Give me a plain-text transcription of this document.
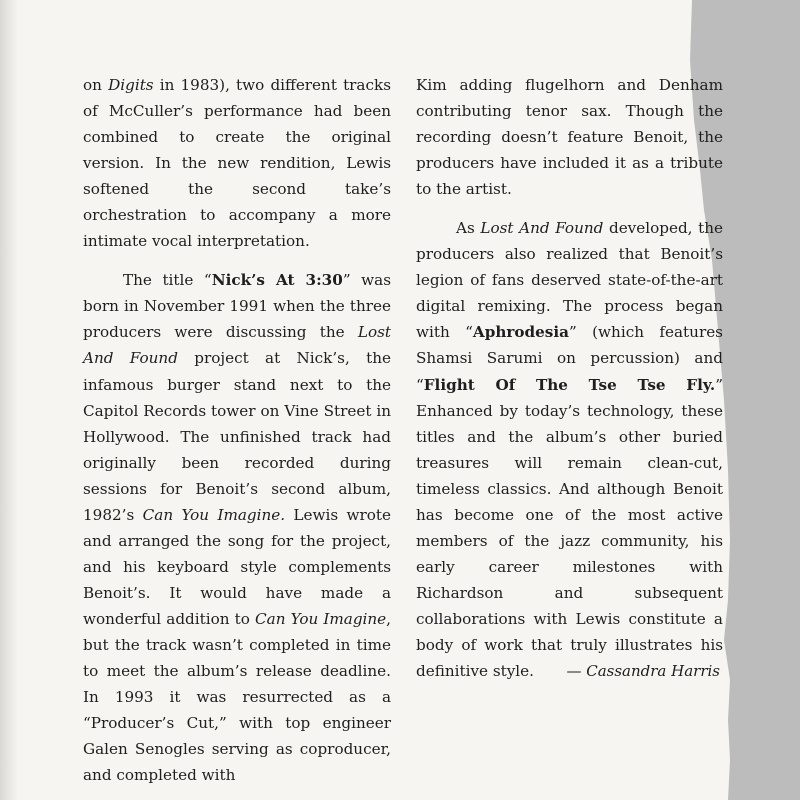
on Digits in 1983), two different tracks of McCuller’s performance had been combined to create the original version. In the new rendition, Lewis softened the second take’s orchestration to accompany a more intimate vocal interpretation.

The title “Nick’s At 3:30” was born in November 1991 when the three producers were discussing the Lost And Found project at Nick’s, the infamous burger stand next to the Capitol Records tower on Vine Street in Hollywood. The unfinished track had originally been recorded during sessions for Benoit’s second album, 1982’s Can You Imagine. Lewis wrote and arranged the song for the project, and his keyboard style complements Benoit’s. It would have made a wonderful addition to Can You Imagine, but the track wasn’t completed in time to meet the album’s release deadline. In 1993 it was resurrected as a “Producer’s Cut,” with top engineer Galen Senogles serving as coproducer, and completed with

Kim adding flugelhorn and Denham contributing tenor sax. Though the recording doesn’t feature Benoit, the producers have included it as a tribute to the artist.

As Lost And Found developed, the producers also realized that Benoit’s legion of fans deserved state-of-the-art digital remixing. The process began with “Aphrodesia” (which features Shamsi Sarumi on percussion) and “Flight Of The Tse Tse Fly.” Enhanced by today’s technology, these titles and the album’s other buried treasures will remain clean-cut, timeless classics. And although Benoit has become one of the most active members of the jazz community, his early career milestones with Richardson and subsequent collaborations with Lewis constitute a body of work that truly illustrates his definitive style.	— Cassandra Harris
